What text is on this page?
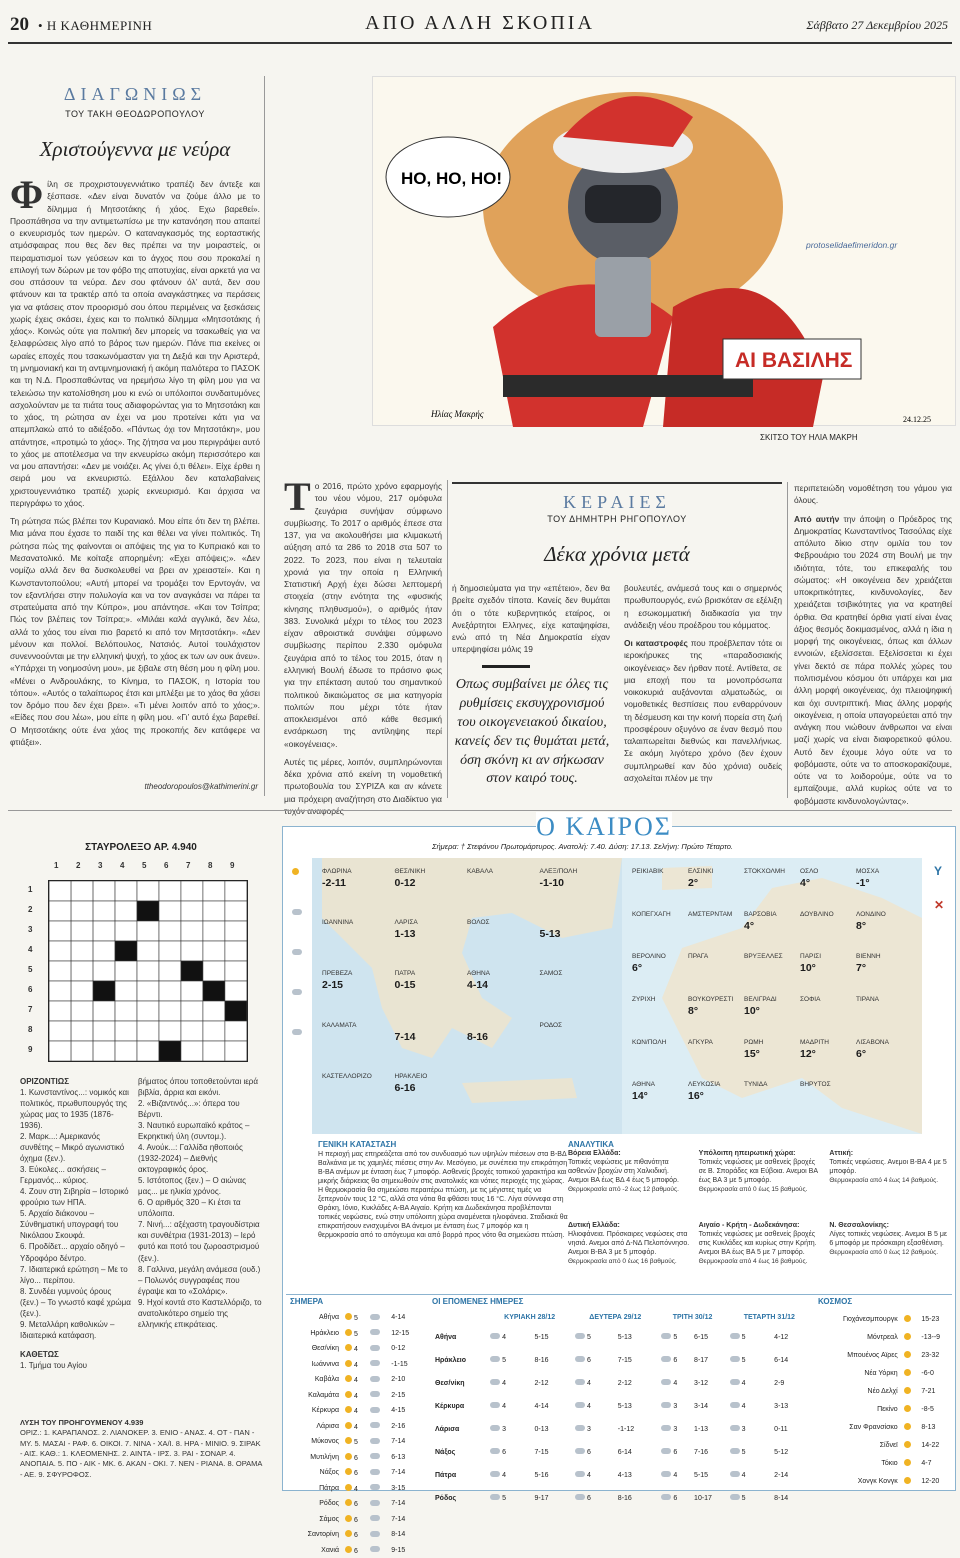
20 • Η ΚΑΘΗΜΕΡΙΝΗ	ΑΠΟ ΑΛΛΗ ΣΚΟΠΙΑ	Σάββατο 27 Δεκεμβρίου 2025
ΔΙΑΓΩΝΙΩΣ
ΤΟΥ ΤΑΚΗ ΘΕΟΔΩΡΟΠΟΥΛΟΥ
Χριστούγεννα με νεύρα

Φίλη σε προχριστουγεννιάτικο τραπέζι δεν άντεξε και ξέσπασε. «Δεν είναι δυνατόν να ζούμε άλλο με το δίλημμα ή Μητσοτάκης ή χάος. Εχω βαρεθεί». Προσπάθησα να την αντιμετωπίσω με την κατανόηση που απαιτεί ο εκνευρισμός των ημερών. Ο καταναγκασμός της εορταστικής ατμόσφαιρας που θες δεν θες πρέπει να την μοιραστείς, οι πειραματισμοί των γεύσεων και το άγχος που σου προκαλεί η επιλογή των δώρων με τον φόβο της αποτυχίας, είναι αρκετά για να σου σπάσουν τα νεύρα. Δεν σου φτάνουν όλ’ αυτά, δεν σου φτάνουν και τα τρακτέρ από τα οποία αναγκάστηκες να περάσεις για να φτάσεις στον προορισμό σου όπου περιμένεις να ξεσκάσεις χωρίς έχεις σκάσει, έχεις και το πολιτικό δίλημμα «Μητσοτάκης ή χάος». Κοινώς ούτε για πολιτική δεν μπορείς να τσακωθείς για να ξελαφρώσεις λίγο από το βάρος των ημερών. Πάνε πια εκείνες οι ωραίες εποχές που τσακωνόμασταν για τη Δεξιά και την Αριστερά, τη μνημονιακή και τη αντιμνημονιακή ή ακόμη παλιότερα το ΠΑΣΟΚ και τη Ν.Δ. Προσπαθώντας να ηρεμήσω λίγο τη φίλη μου για να τελειώσω την κατολίσθηση μου κι ενώ οι υπόλοιποι συνδαιτυμόνες ασχολούνταν με τα πιάτα τους αδιαφορώντας για το Μητσοτάκη και το χάος, τη ρώτησα αν έχει να μου προτείνει κάτι για να απεμπλακώ από το αδιέξοδο. «Πάντως όχι τον Μητσοτάκη», μου απάντησε, «προτιμώ το χάος». Της ζήτησα να μου περιγράψει αυτό το χάος με αποτέλεσμα να την εκνευρίσω ακόμη περισσότερο και να μου απαντήσει: «Δεν με νοιάζει. Ας γίνει ό,τι θέλει». Είχε έρθει η σειρά μου να εκνευριστώ. Εξάλλου δεν καταλαβαίνεις χριστουγεννιάτικο τραπέζι χωρίς εκνευρισμό. Και άρχισα να περιγράφω το χάος.

Τη ρώτησα πώς βλέπει τον Κυρανιακό. Μου είπε ότι δεν τη βλέπει. Μια μάνα που έχασε το παιδί της και θέλει να γίνει πολιτικός. Τη ρώτησα πώς της φαίνονται οι απόψεις της για το Κυπριακό και το Μεσανατολικό. Με κοίταξε απορημένη: «Εχει απόψεις;». «Δεν νομίζω αλλά δεν θα δυσκολευθεί να βρει αν χρειαστεί». Και η Κωνσταντοπούλου; «Αυτή μπορεί να τρομάξει τον Ερντογάν, να τον εξαντλήσει στην πολυλογία και να τον αναγκάσει να πάρει τα στρατεύματα από την Κύπρο», μου απάντησε. «Και τον Τσίπρα; Πώς τον βλέπεις τον Τσίπρα;». «Μιλάει καλά αγγλικά, δεν λέω, αλλά το χάος του είναι πιο βαρετό κι από τον Μητσοτάκη». «Δεν μένουν και πολλοί. Βελόπουλος, Νατσιός. Αυτοί τουλάχιστον συνεννοούνται με την ελληνική ψυχή, το χάος εκ των ων ουκ άνευ». «Υπάρχει τη νοημοσύνη μου», με ξιβαλε στη θέση μου η φίλη μου. «Μένει ο Ανδρουλάκης, το Κίνημα, το ΠΑΣΟΚ, η Ιστορία του τόπου». «Αυτός ο ταλαίπωρος έτσι και μπλέξει με το χάος θα χάσει τον δρόμο που δεν έχει βρει». «Τι μένει λοιπόν από το χάος;». «Είδες που σου λέω», μου είπε η φίλη μου. «Γι’ αυτό έχω βαρεθεί. Ο Μητσοτάκης ούτε ένα χάος της προκοπής δεν κατάφερε να φτιάξει».

ttheodoropoulos@kathimerini.gr
HO, HO, HO!
ΑΙ ΒΑΣΙΛΗΣ
Ηλίας Μακρής
24.12.25
protoselidaefimeridon.gr
ΣΚΙΤΣΟ ΤΟΥ ΗΛΙΑ ΜΑΚΡΗ

Το 2016, πρώτο χρόνο εφαρμογής του νέου νόμου, 217 ομόφυλα ζευγάρια συνήψαν σύμφωνο συμβίωσης. Το 2017 ο αριθμός έπεσε στα 137, για να ακολουθήσει μια κλιμακωτή αύξηση από τα 286 το 2018 στα 507 το 2022. Το 2023, που είναι η τελευταία χρονιά για την οποία η Ελληνική Στατιστική Αρχή έχει δώσει λεπτομερή στοιχεία (στην ενότητα της «φυσικής κίνησης πληθυσμού»), ο αριθμός ήταν 383. Συνολικά μέχρι το τέλος του 2023 είχαν αθροιστικά συνάψει σύμφωνο συμβίωσης περίπου 2.330 ομόφυλα ζευγάρια από το τέλος του 2015, όταν η ελληνική Βουλή έδωσε το πράσινο φως για την επέκταση αυτού του σημαντικού πολιτικού δικαιώματος σε μια κατηγορία πολιτών που μέχρι τότε ήταν αποκλεισμένοι από κάθε θεσμική ενσάρκωση της αντίληψης περί «οικογένειας».

Αυτές τις μέρες, λοιπόν, συμπληρώνονται δέκα χρόνια από εκείνη τη νομοθετική πρωτοβουλία του ΣΥΡΙΖΑ και αν κάνετε μια πρόχειρη αναζήτηση στο Διαδίκτυο για

ΚΕΡΑΙΕΣ
ΤΟΥ ΔΗΜΗΤΡΗ ΡΗΓΟΠΟΥΛΟΥ
Δέκα χρόνια μετά
ή δημοσιεύματα για την «επέτειο», δεν θα βρείτε σχεδόν τίποτα. Κανείς δεν θυμάται ότι ο τότε κυβερνητικός εταίρος, οι Ανεξάρτητοι Ελληνες, είχε καταψηφίσει, ενώ από τη Νέα Δημοκρατία είχαν υπερψηφίσει μόλις 19

βουλευτές, ανάμεσά τους και ο σημερινός πρωθυπουργός, ενώ βρισκόταν σε εξέλιξη η εσωκομματική διαδικασία για την ανάδειξη νέου προέδρου του κόμματος.

Οι καταστροφές που προέβλεπαν τότε οι ιεροκήρυκες της «παραδοσιακής οικογένειας» δεν ήρθαν ποτέ. Αντίθετα, σε μια εποχή που τα μονοπρόσωπα νοικοκυριά αυξάνονται αλματωδώς, οι νομοθετικές θεσπίσεις που ενθαρρύνουν τη δέσμευση και την κοινή πορεία στη ζωή προσφέρουν οξυγόνο σε έναν θεσμό που ταλαιπωρείται διεθνώς και πανελλήνιως. Σε ακόμη λιγότερο χρόνο (δεν έχουν συμπληρωθεί καν δύο χρόνια) ουδείς ασχολείται πλέον με την

Οπως συμβαίνει με όλες τις ρυθμίσεις εκσυγχρονισμού του οικογενειακού δικαίου, κανείς δεν τις θυμάται μετά, όση σκόνη κι αν σήκωσαν στον καιρό τους.

περιπετειώδη νομοθέτηση του γάμου για όλους.

Από αυτήν την άποψη ο Πρόεδρος της Δημοκρατίας Κωνσταντίνος Τασούλας είχε απόλυτο δίκιο στην ομιλία του τον Φεβρουάριο του 2024 στη Βουλή με την ιδιότητα, τότε, του επικεφαλής του σώματος: «Η οικογένεια δεν χρειάζεται υποκριτικότητες, κινδυνολογίες, δεν χρειάζεται τσιβικότητες για να κρατηθεί όρθια. Θα κρατηθεί όρθια γιατί είναι ένας άξιος θεσμός δοκιμασμένος, αλλά η ίδια η μορφή της οικογένειας, όπως και άλλων εννοιών, εξελίσσεται. Εξελίσσεται κι έχει γίνει δεκτό σε πάρα πολλές χώρες του πολιτισμένου κόσμου ότι υπάρχει και μια άλλη μορφή οικογένειας, όχι πλειοψηφική και όχι συντριπτική. Μιας άλλης μορφής οικογένεια, η οποία υπαγορεύεται από την ανάγκη που νιώθουν άνθρωποι να είναι μαζί χωρίς να είναι διαφορετικού φύλου. Αυτό δεν έχουμε λόγο ούτε να το φοβόμαστε, ούτε να το αποσκορακίζουμε, ούτε να το λοιδορούμε, ούτε να το εμπαίζουμε, αλλά κυρίως ούτε να το φοβόμαστε κινδυνολογώντας».

ΣΤΑΥΡΟΛΕΞΟ ΑΡ. 4.940
1 2 3 4 5 6 7 8 9
1
2
3
4
5
6
7
8
9
ΟΡΙΖΟΝΤΙΩΣ
1. Κωνσταντίνος...: νομικός και πολιτικός, πρωθυπουργός της χώρας μας το 1935 (1876-1936).
2. Μαρκ...: Αμερικανός συνθέτης – Μικρό αγωνιστικό όχημα (ξεν.).
3. Εύκολες... ασκήσεις – Γερμανός... κύριος.
4. Ζουν στη Σιβηρία – Ιστορικό φρούριο των ΗΠΑ.
5. Αρχαίο διάκονου – Σύνθηματική υπογραφή του Νικόλαου Σκουφά.
6. Προδίδετ... αρχαίο οδηγό – Υδροφόρο δέντρο.
7. Ιδιαιτερικά ερώτηση – Με το λίγο... περίπου.
8. Συνδέει γυμνούς όρους (ξεν.) – Το γνωστό καφέ χρώμα (ξεν.).
9. Μεταλλάρη καθολικών – Ιδιαιτερικά κατάφαση.
ΚΑΘΕΤΩΣ
1. Τμήμα του Αγίου
βήματος όπου τοποθετούνται ιερά βιβλία, άρρια και εικόνι.
2. «Βιζαντινός...»: όπερα του Βέρντι.
3. Ναυτικό ευρωπαϊκό κράτος – Εκρηκτική ύλη (συντομ.).
4. Ανούκ...: Γαλλίδα ηθοποιός (1932-2024) – Διεθνής ακτογραφικός όρος.
5. Ιστότοπος (ξεν.) – Ο αιώνας μας... με ηλικία χρόνος.
6. Ο αριθμός 320 – Κι έτσι τα υπόλοιπα.
7. Νινή...: αξέχαστη τραγουδίστρια και συνθέτρια (1931-2013) – Ιερό φυτό και ποτό του ζωροαστρισμού (ξεν.).
8. Γαλλινα, μεγάλη ανάμεσα (ουδ.) – Πολωνός συγγραφέας που έγραψε και το «Σολάρις».
9. Ηχοί κοντά στο Καστελλόριζο, το ανατολικότερο σημείο της ελληνικής επικράτειας.
ΛΥΣΗ ΤΟΥ ΠΡΟΗΓΟΥΜΕΝΟΥ 4.939
ΟΡΙΖ.: 1. ΚΑΡΑΠΑΝΟΣ. 2. ΛΙΑΝΟΚΕΡ. 3. ΕΝΙΟ - ΑΝΑΣ. 4. ΟΤ - ΠΑΝ - ΜΥ. 5. ΜΑΣΑΙ - ΡΑΦ. 6. ΟΙΚΟΙ. 7. ΝΙΝΑ - ΧΑ/Ι. 8. ΗΡΑ - ΜΙΝΙΟ. 9. ΣΙΡΑΚ - ΑΙΣ. ΚΑΘ.: 1. ΚΛΕΟΜΕΝΗΣ. 2. ΑΙΝΤΑ - ΙΡΣ. 3. ΡΑΙ - ΣΟΝΑΡ. 4. ΑΝΟΠΑΙΑ. 5. ΠΟ - ΑΙΚ - ΜΚ. 6. ΑΚΑΝ - ΟΚΙ. 7. ΝΕΝ - ΡΙΑΝΑ. 8. ΟΡΑΜΑ - ΑΕ. 9. ΣΦΥΡΟΦΟΣ.
Ο ΚΑΙΡΟΣ
Σήμερα: † Στεφάνου Πρωτομάρτυρος. Ανατολή: 7.40. Δύση: 17.13. Σελήνη: Πρώτο Τέταρτο.
ΦΛΩΡΙΝΑ
-2-11
ΘΕΣ/ΝΙΚΗ
0-12
ΚΑΒΑΛΑ	ΑΛΕΞ/ΠΟΛΗ
-1-10
ΙΩΑΝΝΙΝΑ	ΛΑΡΙΣΑ
1-13
ΒΟΛΟΣ
5-13
ΠΡΕΒΕΖΑ
2-15
ΠΑΤΡΑ
0-15
ΑΘΗΝΑ
4-14
ΣΑΜΟΣ
ΚΑΛΑΜΑΤΑ
7-14	8-16
ΡΟΔΟΣ
ΚΑΣΤΕΛΛΟΡΙΖΟ	ΗΡΑΚΛΕΙΟ
6-16
ΡΕΙΚΙΑΒΙΚ	ΕΛΣΙΝΚΙ
2°
ΣΤΟΚΧΟΛΜΗ ΟΣΛΟ
4°
ΜΟΣΧΑ
-1°
ΚΟΠΕΓΧΑΓΗ	ΑΜΣΤΕΡΝΤΑΜ ΒΑΡΣΟΒΙΑ
4°
ΔΟΥΒΛΙΝΟ	ΛΟΝΔΙΝΟ
8°
ΒΕΡΟΛΙΝΟ
6°
ΠΡΑΓΑ	ΒΡΥΞΕΛΛΕΣ	ΠΑΡΙΣΙ
10°
ΒΙΕΝΝΗ
7°
ΖΥΡΙΧΗ	ΒΟΥΚΟΥΡΕΣΤΙ
8°
ΒΕΛΙΓΡΑΔΙ
10°
ΣΟΦΙΑ	ΤΙΡΑΝΑ
ΚΩΝ/ΠΟΛΗ	ΑΓΚΥΡΑ	ΡΩΜΗ
15°
ΜΑΔΡΙΤΗ
12°
ΛΙΣΑΒΟΝΑ
6°
ΑΘΗΝΑ
14°
ΛΕΥΚΩΣΙΑ
16°
ΤΥΝΙΔΑ	ΒΗΡΥΤΟΣ
Y
✕
ΓΕΝΙΚΗ ΚΑΤΑΣΤΑΣΗ
Η περιοχή μας επηρεάζεται από τον συνδυασμό των υψηλών πιέσεων στα Β-ΒΔ Βαλκάνια με τις χαμηλές πιέσεις στην Αν. Μεσόγειο, με συνέπεια την επικράτηση Β-ΒΑ ανέμων με ένταση έως 7 μποφόρ. Ασθενείς βροχές τοπικού χαρακτήρα και μικρής διάρκειας θα σημειωθούν στις ανατολικές και νότιες περιοχές της χώρας. Η θερμοκρασία θα σημειώσει περαιτέρω πτώση, με τις μέγιστες τιμές να ξεπερνούν τους 12 °C, αλλά στα νότια θα φθάσει τους 16 °C. Λίγα σύννεφα στη Θράκη, Ιόνιο, Κυκλάδες Α-ΒΑ Αιγαίο. Κρήτη και Δωδεκάνησα προβλέπονται τοπικές νεφώσεις, ενώ στην υπόλοιπη χώρα αναμένεται ηλιοφάνεια. Σταδιακά θα επικρατήσουν ενισχυμένοι ΒΑ άνεμοι με ένταση έως 7 μποφόρ και η θερμοκρασία από το απόγευμα και από βορρά προς νότο θα σημειώσει πτώση.
ΑΝΑΛΥΤΙΚΑ
Βόρεια Ελλάδα:
Τοπικές νεφώσεις με πιθανότητα ασθενών βροχών στη Χαλκιδική. Ανεμοι ΒΑ έως ΒΔ 4 έως 5 μποφόρ.
Θερμοκρασία από -2 έως 12 βαθμούς.
Υπόλοιπη ηπειρωτική χώρα:
Τοπικές νεφώσεις με ασθενείς βροχές σε Β. Σποράδες και Εύβοια. Ανεμοι ΒΑ έως ΒΑ 3 με 5 μποφόρ.
Θερμοκρασία από 0 έως 15 βαθμούς.
Αττική:
Τοπικές νεφώσεις. Ανεμοι Β-ΒΑ 4 με 5 μποφόρ.
Θερμοκρασία από 4 έως 14 βαθμούς.
Δυτική Ελλάδα:
Ηλιοφάνεια. Πρόσκαιρες νεφώσεις στα νησιά. Ανεμοι από Δ-ΝΔ Πελοπόννησο. Ανεμοι Β-ΒΑ 3 με 5 μποφόρ.
Θερμοκρασία από 0 έως 16 βαθμούς.
Αιγαίο - Κρήτη - Δωδεκάνησα:
Τοπικές νεφώσεις με ασθενείς βροχές στις Κυκλάδες και κυρίως στην Κρήτη. Ανεμοι ΒΑ έως ΒΑ 5 με 7 μποφόρ.
Θερμοκρασία από 4 έως 16 βαθμούς.
Ν. Θεσσαλονίκης:
Λίγες τοπικές νεφώσεις. Ανεμοι Β 5 με 6 μποφόρ με πρόσκαιρη εξασθένιση.
Θερμοκρασία από 0 έως 12 βαθμούς.
ΣΗΜΕΡΑ
Αθήνα	5		4-14
Ηράκλειο	5		12-15
Θεσ/νίκη	4		0-12
Ιωάννινα	4		-1-15
Καβάλα	4		2-10
Καλαμάτα	4		2-15
Κέρκυρα	4		4-15
Λάρισα	4		2-16
Μύκονος	5		7-14
Μυτιλήνη	6		6-13
Νάξος	6		7-14
Πάτρα	4		3-15
Ρόδος	6		7-14
Σάμος	6		7-14
Σαντορίνη	6		8-14
Χανιά	6		9-15
ΟΙ ΕΠΟΜΕΝΕΣ ΗΜΕΡΕΣ
	ΚΥΡΙΑΚΗ 28/12		ΔΕΥΤΕΡΑ 29/12		ΤΡΙΤΗ 30/12		ΤΕΤΑΡΤΗ 31/12	
Αθήνα	4	5-15	5	5-13	5	6-15	5	4-12
Ηράκλειο	5	8-16	6	7-15	6	8-17	5	6-14
Θεσ/νίκη	4	2-12	4	2-12	4	3-12	4	2-9
Κέρκυρα	4	4-14	4	5-13	3	3-14	4	3-13
Λάρισα	3	0-13	3	-1-12	3	1-13	3	0-11
Νάξος	6	7-15	6	6-14	6	7-16	5	5-12
Πάτρα	4	5-16	4	4-13	4	5-15	4	2-14
Ρόδος	5	9-17	6	8-16	6	10-17	5	8-14
ΚΟΣΜΟΣ
Γιοχάνεσμπουργκ		15-23
Μόντρεαλ		-13--9
Μπουένος Αϊρες		23-32
Νέα Υόρκη		-6-0
Νέο Δελχί		7-21
Πεκίνο		-8-5
Σαν Φρανσίσκο		8-13
Σίδνεϊ		14-22
Τόκιο		4-7
Χονγκ Κονγκ		12-20
